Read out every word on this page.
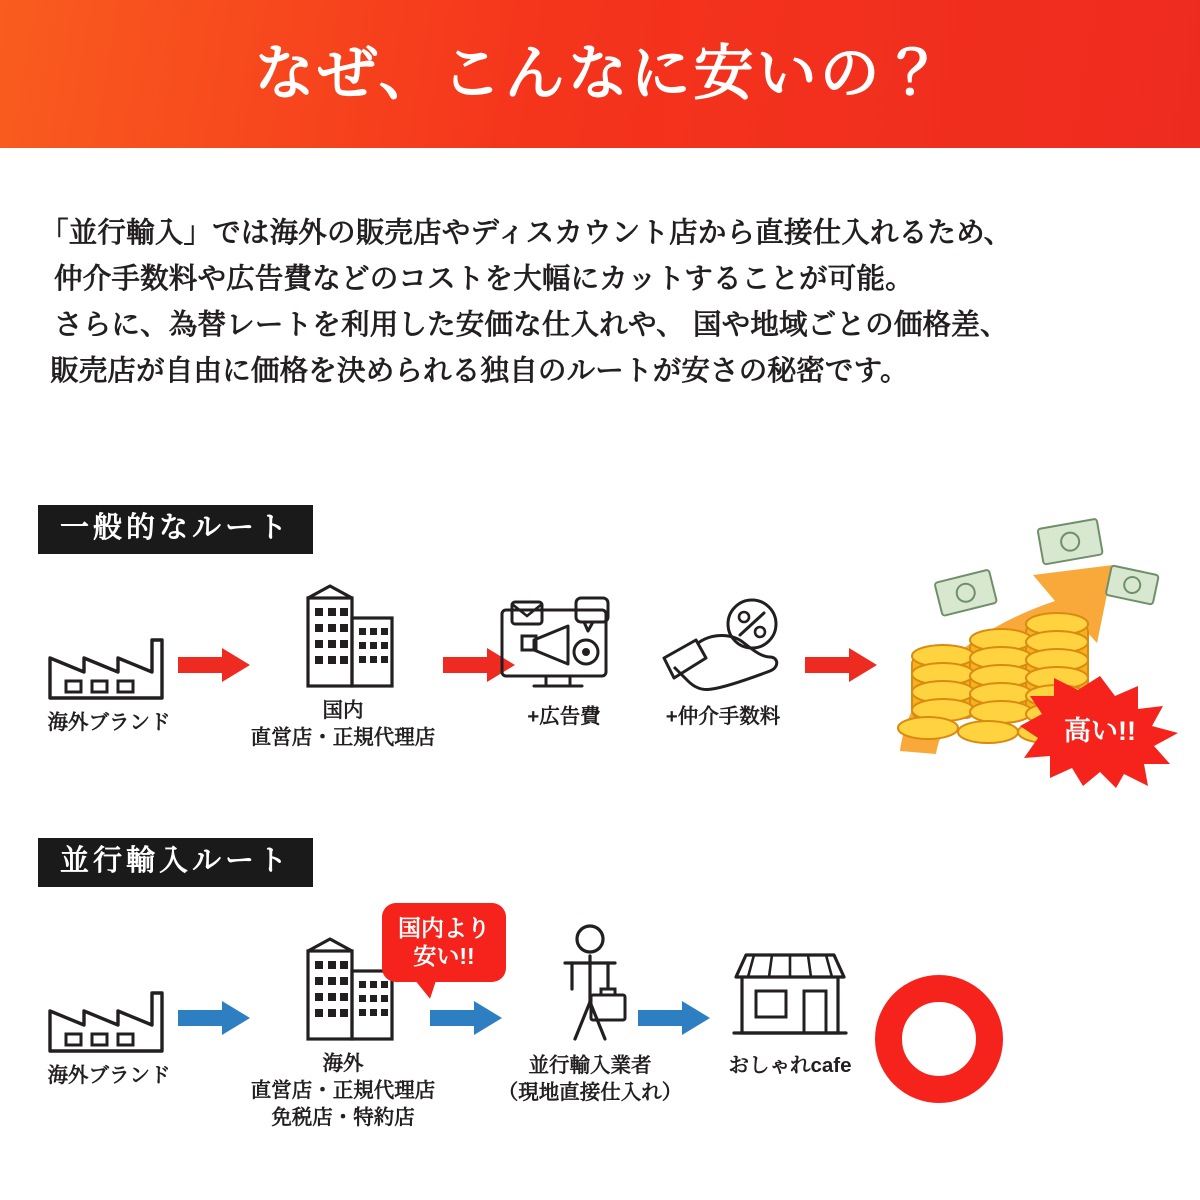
なぜ、こんなに安いの？
「並行輸入」では海外の販売店やディスカウント店から直接仕入れるため、
仲介手数料や広告費などのコストを大幅にカットすることが可能。
さらに、為替レートを利用した安価な仕入れや、 国や地域ごとの価格差、
販売店が自由に価格を決められる独自のルートが安さの秘密です。
一般的なルート
海外ブランド
国内
直営店・正規代理店
+広告費	+仲介手数料	高い!!
並行輸入ルート
海外ブランド
海外
直営店・正規代理店
免税店・特約店
国内より
安い!!
並行輸入業者
（現地直接仕入れ）
おしゃれcafe
